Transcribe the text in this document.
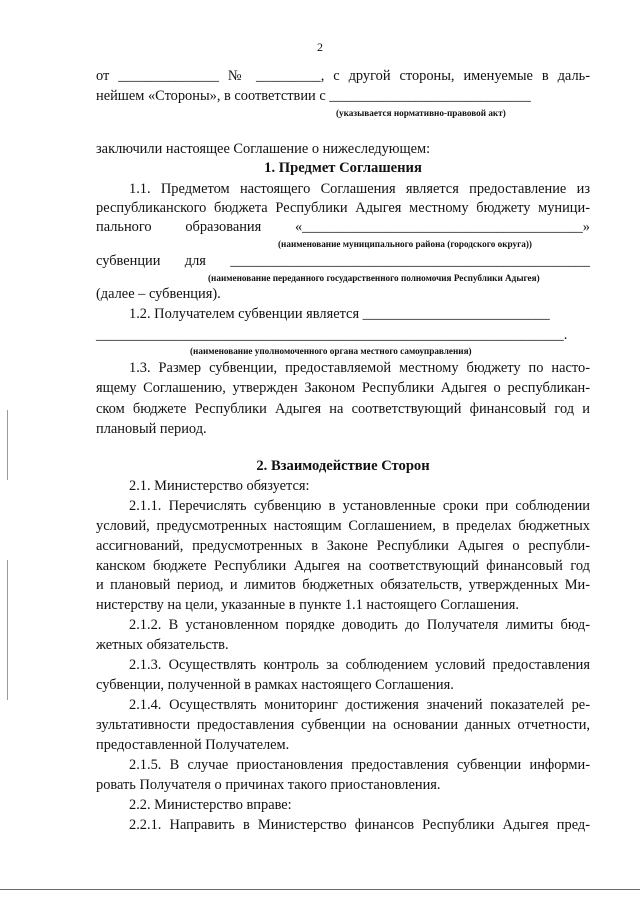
2
от ______________ № _________, с другой стороны, именуемые в даль-
нейшем «Стороны», в соответствии с ____________________________
(указывается нормативно-правовой акт)
заключили настоящее Соглашение о нижеследующем:
1. Предмет Соглашения
1.1. Предметом настоящего Соглашения является предоставление из
республиканского бюджета Республики Адыгея местному бюджету муници-
пального образования «_______________________________________»
(наименование муниципального района (городского округа))
субвенции для __________________________________________________
(наименование переданного государственного полномочия Республики Адыгея)
(далее – субвенция).
1.2. Получателем субвенции является __________________________
_________________________________________________________________.
(наименование уполномоченного органа местного самоуправления)
1.3. Размер субвенции, предоставляемой местному бюджету по насто-
ящему Соглашению, утвержден Законом Республики Адыгея о республикан-
ском бюджете Республики Адыгея на соответствующий финансовый год и
плановый период.
2. Взаимодействие Сторон
2.1. Министерство обязуется:
2.1.1. Перечислять субвенцию в установленные сроки при соблюдении
условий, предусмотренных настоящим Соглашением, в пределах бюджетных
ассигнований, предусмотренных в Законе Республики Адыгея о республи-
канском бюджете Республики Адыгея на соответствующий финансовый год
и плановый период, и лимитов бюджетных обязательств, утвержденных Ми-
нистерству на цели, указанные в пункте 1.1 настоящего Соглашения.
2.1.2. В установленном порядке доводить до Получателя лимиты бюд-
жетных обязательств.
2.1.3. Осуществлять контроль за соблюдением условий предоставления
субвенции, полученной в рамках настоящего Соглашения.
2.1.4. Осуществлять мониторинг достижения значений показателей ре-
зультативности предоставления субвенции на основании данных отчетности,
предоставленной Получателем.
2.1.5. В случае приостановления предоставления субвенции информи-
ровать Получателя о причинах такого приостановления.
2.2. Министерство вправе:
2.2.1. Направить в Министерство финансов Республики Адыгея пред-
